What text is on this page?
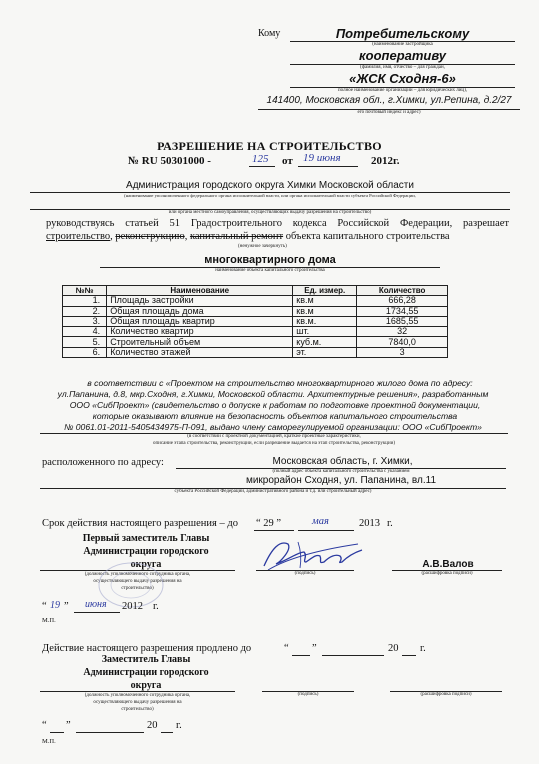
Кому	Потребительскому
(наименование застройщика
кооперативу
(фамилия, имя, отчество – для граждан,
«ЖСК Сходня-6»
полное наименование организации – для юридических лиц),
141400, Московская обл., г.Химки, ул.Репина, д.2/27
его почтовый индекс и адрес)
РАЗРЕШЕНИЕ НА СТРОИТЕЛЬСТВО
№ RU 50301000 -	125 от 19 июня	2012г.
Администрация городского округа Химки Московской области
(наименование уполномоченного федерального органа исполнительной власти, или органа исполнительной власти субъекта Российской Федерации,
или органа местного самоуправления, осуществляющих выдачу разрешения на строительство)
руководствуясь статьей 51 Градостроительного кодекса Российской Федерации, разрешает
строительство, реконструкцию, капитальный ремонт объекта капитального строительства
(ненужное зачеркнуть)
многоквартирного дома
наименование объекта капитального строительства
№№	Наименование	Ед. измер.	Количество
1.	Площадь застройки	кв.м	666,28
2.	Общая площадь дома	кв.м	1734,55
3.	Общая площадь квартир	кв.м.	1685,55
4.	Количество квартир	шт.	32
5.	Строительный объем	куб.м.	7840,0
6.	Количество этажей	эт.	3
в соответствии с «Проектом на строительство многоквартирного жилого дома по адресу:
ул.Папанина, д.8, мкр.Сходня, г.Химки, Московской области. Архитектурные решения», разработанным
ООО «СибПроект» (свидетельство о допуске к работам по подготовке проектной документации,
которые оказывают влияние на безопасность объектов капитального строительства
№ 0061.01-2011-5405434975-П-091, выдано члену саморегулируемой организации: ООО «СибПроект»
(в соответствии с проектной документацией, краткие проектные характеристики,
описание этапа строительства, реконструкции, если разрешение выдается на этап строительства, реконструкции)
расположенного по адресу:	Московская область, г. Химки,
(полный адрес объекта капитального строительства с указанием
микрорайон Сходня, ул. Папанина, вл.11
субъекта Российской Федерации, административного района и т.д. или строительный адрес)
Срок действия настоящего разрешения – до “ 29 ”	мая	2013 г.
Первый заместитель Главы
Администрации городского
округа
(должность уполномоченного сотрудника органа,
осуществляющего выдачу разрешения на
строительство)
(подпись)
А.В.Валов
(расшифровка подписи)
“ 19 ” июня 2012 г.
М.П.
Действие настоящего разрешения продлено до	“ ”	20 г.
Заместитель Главы
Администрации городского
округа
(должность уполномоченного сотрудника органа,
осуществляющего выдачу разрешения на
строительство)
(подпись)	(расшифровка подписи)
“ ”	20 г.
М.П.
